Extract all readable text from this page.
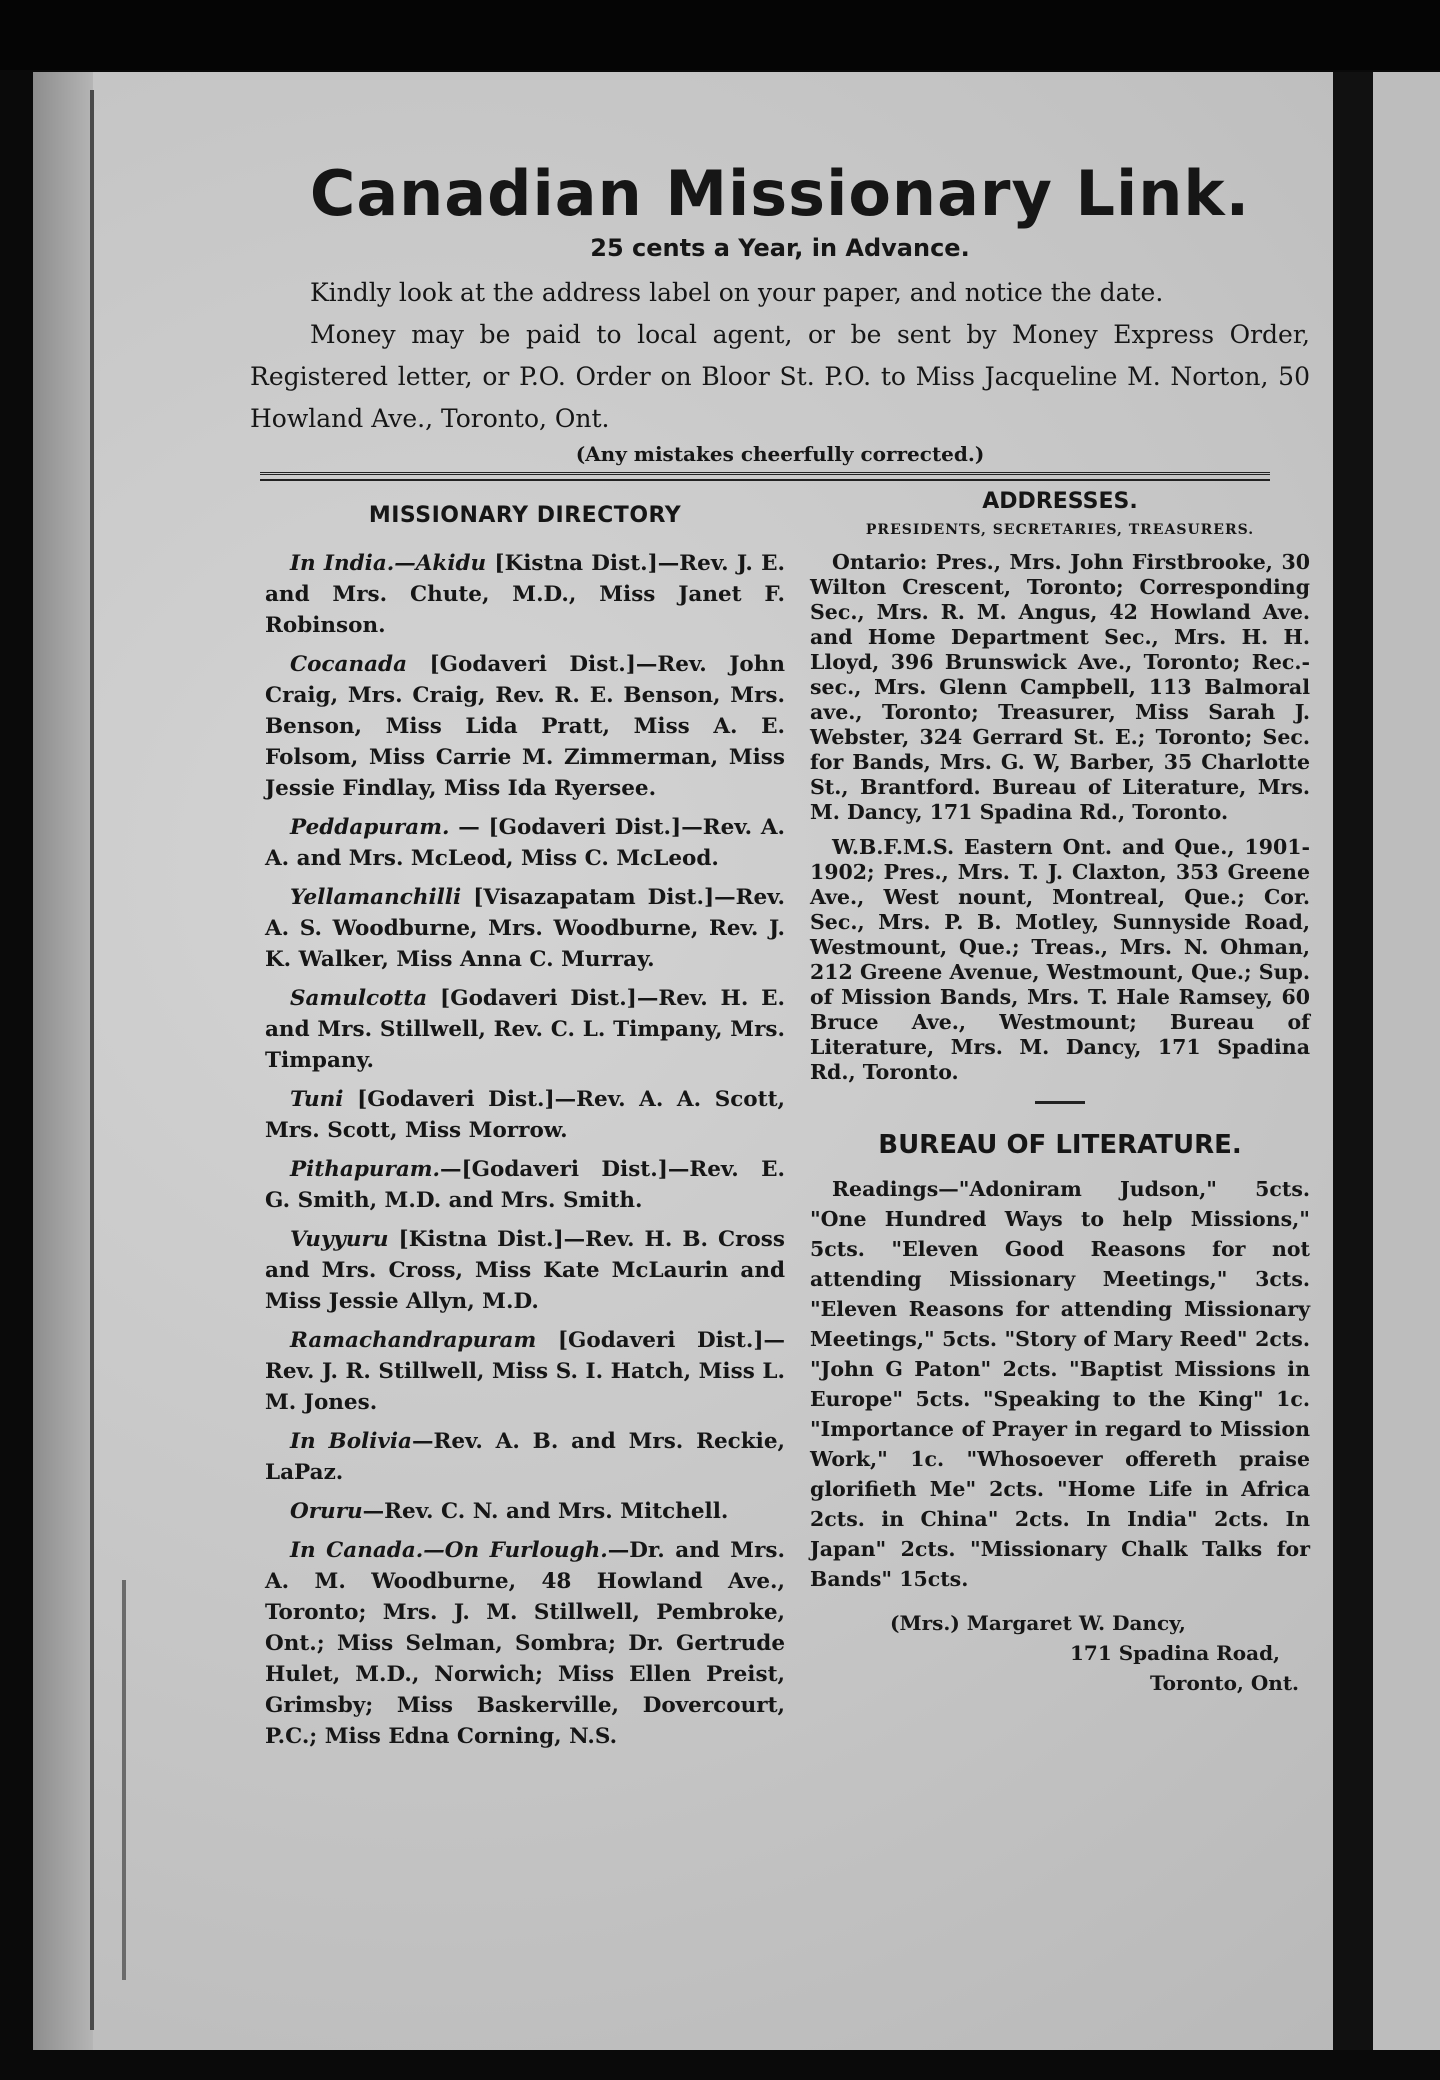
Canadian Missionary Link.
25 cents a Year, in Advance.

Kindly look at the address label on your paper, and notice the date.

Money may be paid to local agent, or be sent by Money Express Order, Registered letter, or P.O. Order on Bloor St. P.O. to Miss Jacqueline M. Norton, 50 Howland Ave., Toronto, Ont.

(Any mistakes cheerfully corrected.)
MISSIONARY DIRECTORY

In India.—Akidu [Kistna Dist.]—Rev. J. E. and Mrs. Chute, M.D., Miss Janet F. Robinson.

Cocanada [Godaveri Dist.]—Rev. John Craig, Mrs. Craig, Rev. R. E. Benson, Mrs. Benson, Miss Lida Pratt, Miss A. E. Folsom, Miss Carrie M. Zimmerman, Miss Jessie Findlay, Miss Ida Ryersee.

Peddapuram. — [Godaveri Dist.]—Rev. A. A. and Mrs. McLeod, Miss C. McLeod.

Yellamanchilli [Visazapatam Dist.]—Rev. A. S. Woodburne, Mrs. Woodburne, Rev. J. K. Walker, Miss Anna C. Murray.

Samulcotta [Godaveri Dist.]—Rev. H. E. and Mrs. Stillwell, Rev. C. L. Timpany, Mrs. Timpany.

Tuni [Godaveri Dist.]—Rev. A. A. Scott, Mrs. Scott, Miss Morrow.

Pithapuram.—[Godaveri Dist.]—Rev. E. G. Smith, M.D. and Mrs. Smith.

Vuyyuru [Kistna Dist.]—Rev. H. B. Cross and Mrs. Cross, Miss Kate McLaurin and Miss Jessie Allyn, M.D.

Ramachandrapuram [Godaveri Dist.]—Rev. J. R. Stillwell, Miss S. I. Hatch, Miss L. M. Jones.

In Bolivia—Rev. A. B. and Mrs. Reckie, LaPaz.

Oruru—Rev. C. N. and Mrs. Mitchell.

In Canada.—On Furlough.—Dr. and Mrs. A. M. Woodburne, 48 Howland Ave., Toronto; Mrs. J. M. Stillwell, Pembroke, Ont.; Miss Selman, Sombra; Dr. Gertrude Hulet, M.D., Norwich; Miss Ellen Preist, Grimsby; Miss Baskerville, Dovercourt, P.C.; Miss Edna Corning, N.S.

ADDRESSES.
PRESIDENTS, SECRETARIES, TREASURERS.

Ontario: Pres., Mrs. John Firstbrooke, 30 Wilton Crescent, Toronto; Corresponding Sec., Mrs. R. M. Angus, 42 Howland Ave. and Home Department Sec., Mrs. H. H. Lloyd, 396 Brunswick Ave., Toronto; Rec.-sec., Mrs. Glenn Campbell, 113 Balmoral ave., Toronto; Treasurer, Miss Sarah J. Webster, 324 Gerrard St. E.; Toronto; Sec. for Bands, Mrs. G. W, Barber, 35 Charlotte St., Brantford. Bureau of Literature, Mrs. M. Dancy, 171 Spadina Rd., Toronto.

W.B.F.M.S. Eastern Ont. and Que., 1901-1902; Pres., Mrs. T. J. Claxton, 353 Greene Ave., West nount, Montreal, Que.; Cor. Sec., Mrs. P. B. Motley, Sunnyside Road, Westmount, Que.; Treas., Mrs. N. Ohman, 212 Greene Avenue, Westmount, Que.; Sup. of Mission Bands, Mrs. T. Hale Ramsey, 60 Bruce Ave., Westmount; Bureau of Literature, Mrs. M. Dancy, 171 Spadina Rd., Toronto.

BUREAU OF LITERATURE.

Readings—"Adoniram Judson," 5cts. "One Hundred Ways to help Missions," 5cts. "Eleven Good Reasons for not attending Missionary Meetings," 3cts. "Eleven Reasons for attending Missionary Meetings," 5cts. "Story of Mary Reed" 2cts. "John G Paton" 2cts. "Baptist Missions in Europe" 5cts. "Speaking to the King" 1c. "Importance of Prayer in regard to Mission Work," 1c. "Whosoever offereth praise glorifieth Me" 2cts. "Home Life in Africa 2cts. in China" 2cts. In India" 2cts. In Japan" 2cts. "Missionary Chalk Talks for Bands" 15cts.

(Mrs.) Margaret W. Dancy,
171 Spadina Road,
Toronto, Ont.
